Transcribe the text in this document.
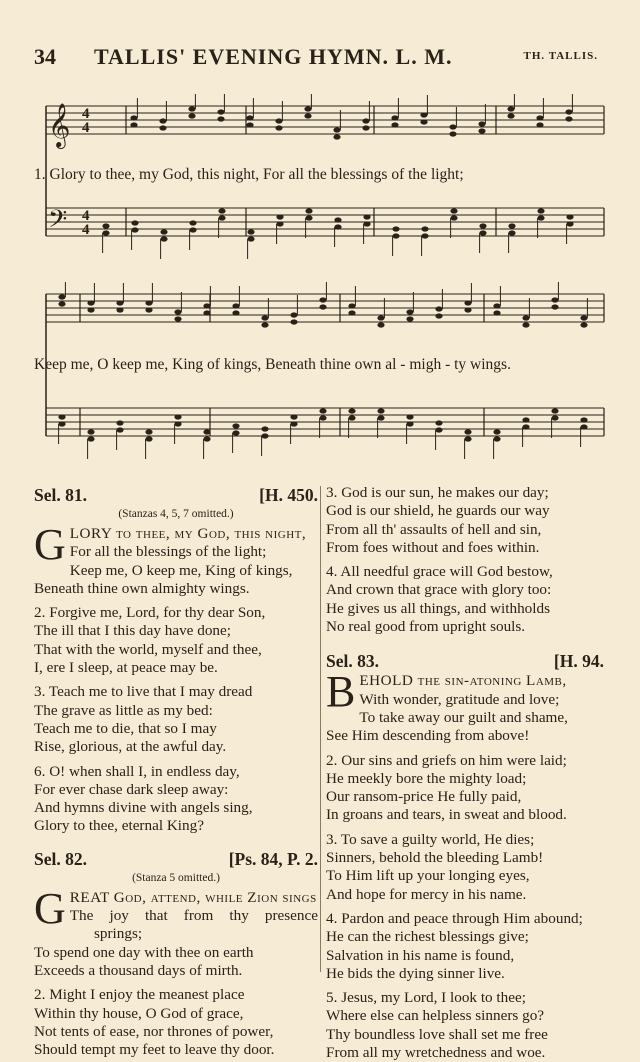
34 TALLIS' EVENING HYMN. L. M.	TH. TALLIS.
𝄞
𝄢
4
4
4
4
1. Glory to thee, my God, this night, For all the blessings of the light;
Keep me, O keep me, King of kings, Beneath thine own al - migh - ty wings.
Sel. 81.	[H. 450.
(Stanzas 4, 5, 7 omitted.)
G LORY to thee, my God, this night,

For all the blessings of the light;

Keep me, O keep me, King of kings,

Beneath thine own almighty wings.

2. Forgive me, Lord, for thy dear Son,

The ill that I this day have done;

That with the world, myself and thee,

I, ere I sleep, at peace may be.

3. Teach me to live that I may dread

The grave as little as my bed:

Teach me to die, that so I may

Rise, glorious, at the awful day.

6. O! when shall I, in endless day,

For ever chase dark sleep away:

And hymns divine with angels sing,

Glory to thee, eternal King?

Sel. 82.	[Ps. 84, P. 2.
(Stanza 5 omitted.)
G REAT God, attend, while Zion sings

The joy that from thy presence

springs;

To spend one day with thee on earth

Exceeds a thousand days of mirth.

2. Might I enjoy the meanest place

Within thy house, O God of grace,

Not tents of ease, nor thrones of power,

Should tempt my feet to leave thy door.

3. God is our sun, he makes our day;

God is our shield, he guards our way

From all th' assaults of hell and sin,

From foes without and foes within.

4. All needful grace will God bestow,

And crown that grace with glory too:

He gives us all things, and withholds

No real good from upright souls.

Sel. 83.	[H. 94.
B EHOLD the sin-atoning Lamb,

With wonder, gratitude and love;

To take away our guilt and shame,

See Him descending from above!

2. Our sins and griefs on him were laid;

He meekly bore the mighty load;

Our ransom-price He fully paid,

In groans and tears, in sweat and blood.

3. To save a guilty world, He dies;

Sinners, behold the bleeding Lamb!

To Him lift up your longing eyes,

And hope for mercy in his name.

4. Pardon and peace through Him abound;

He can the richest blessings give;

Salvation in his name is found,

He bids the dying sinner live.

5. Jesus, my Lord, I look to thee;

Where else can helpless sinners go?

Thy boundless love shall set me free

From all my wretchedness and woe.
